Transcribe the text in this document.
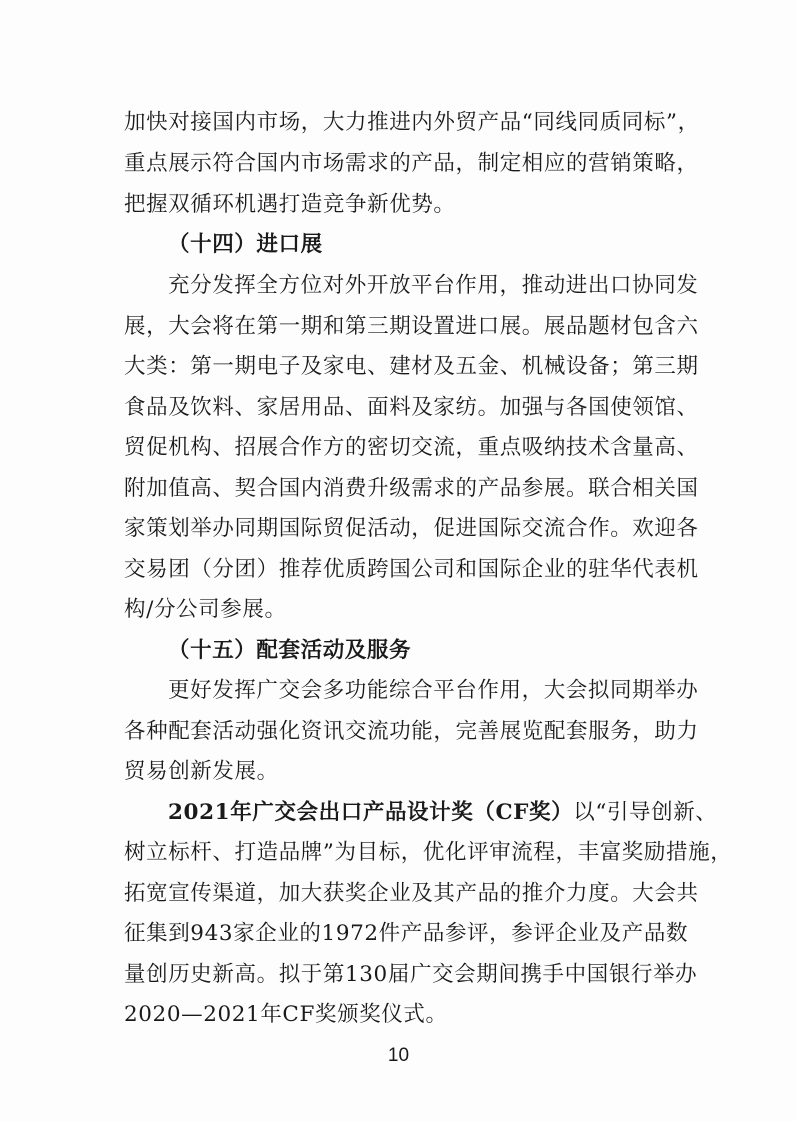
加快对接国内市场，大力推进内外贸产品“同线同质同标”，
重点展示符合国内市场需求的产品，制定相应的营销策略，
把握双循环机遇打造竞争新优势。
（十四）进口展
充分发挥全方位对外开放平台作用，推动进出口协同发
展，大会将在第一期和第三期设置进口展。展品题材包含六
大类：第一期电子及家电、建材及五金、机械设备；第三期
食品及饮料、家居用品、面料及家纺。加强与各国使领馆、
贸促机构、招展合作方的密切交流，重点吸纳技术含量高、
附加值高、契合国内消费升级需求的产品参展。联合相关国
家策划举办同期国际贸促活动，促进国际交流合作。欢迎各
交易团（分团）推荐优质跨国公司和国际企业的驻华代表机
构/分公司参展。
（十五）配套活动及服务
更好发挥广交会多功能综合平台作用，大会拟同期举办
各种配套活动强化资讯交流功能，完善展览配套服务，助力
贸易创新发展。
2021年广交会出口产品设计奖（CF奖）以“引导创新、
树立标杆、打造品牌”为目标，优化评审流程，丰富奖励措施，
拓宽宣传渠道，加大获奖企业及其产品的推介力度。大会共
征集到943家企业的1972件产品参评，参评企业及产品数
量创历史新高。拟于第130届广交会期间携手中国银行举办
2020—2021年CF奖颁奖仪式。
10
